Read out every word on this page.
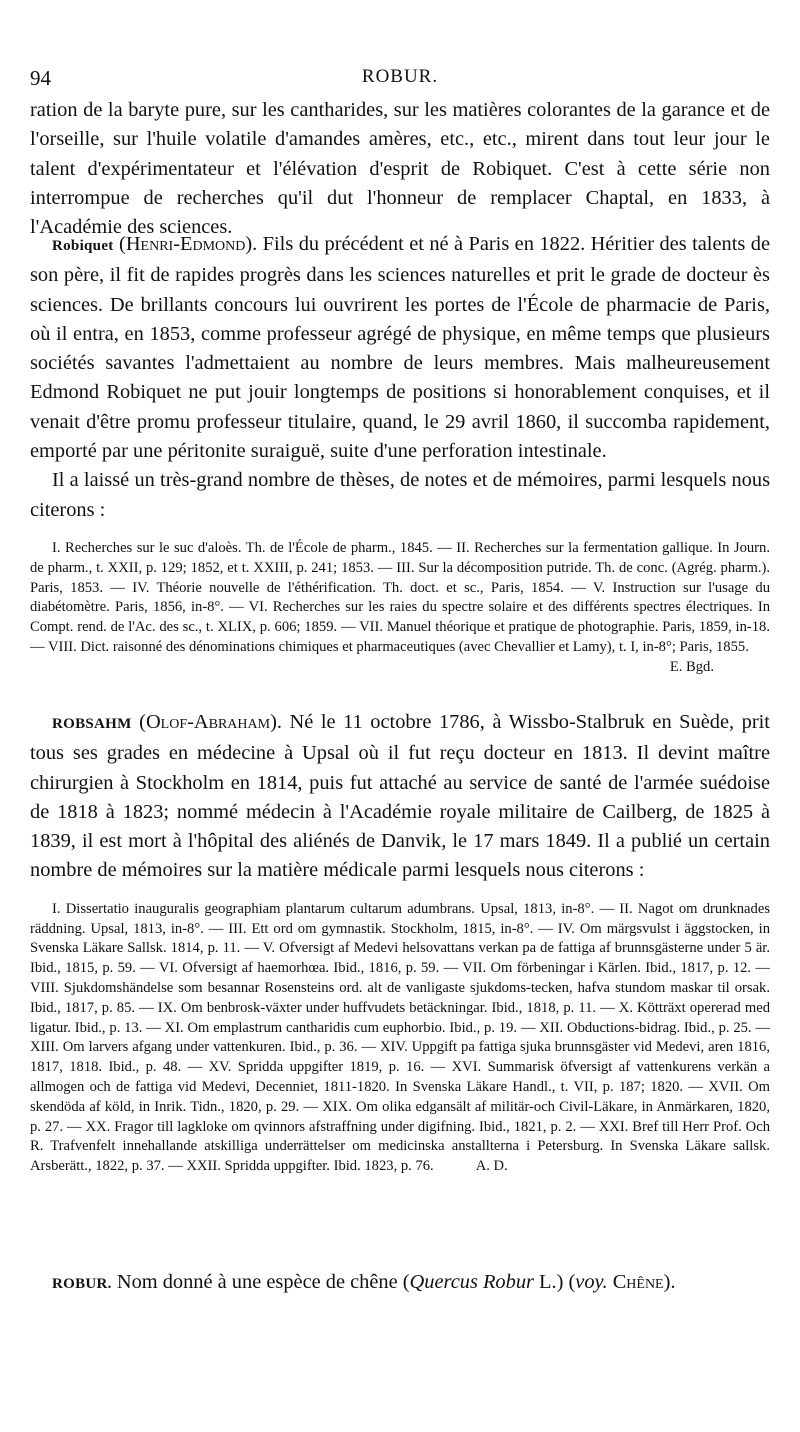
94	ROBUR.

ration de la baryte pure, sur les cantharides, sur les matières colorantes de la garance et de l'orseille, sur l'huile volatile d'amandes amères, etc., etc., mirent dans tout leur jour le talent d'expérimentateur et l'élévation d'esprit de Robiquet. C'est à cette série non interrompue de recherches qu'il dut l'honneur de remplacer Chaptal, en 1833, à l'Académie des sciences.

Robiquet (Henri-Edmond). Fils du précédent et né à Paris en 1822. Héritier des talents de son père, il fit de rapides progrès dans les sciences naturelles et prit le grade de docteur ès sciences. De brillants concours lui ouvrirent les portes de l'École de pharmacie de Paris, où il entra, en 1853, comme professeur agrégé de physique, en même temps que plusieurs sociétés savantes l'admettaient au nombre de leurs membres. Mais malheureusement Edmond Robiquet ne put jouir longtemps de positions si honorablement conquises, et il venait d'être promu professeur titulaire, quand, le 29 avril 1860, il succomba rapidement, emporté par une péritonite suraiguë, suite d'une perforation intestinale.

Il a laissé un très-grand nombre de thèses, de notes et de mémoires, parmi lesquels nous citerons :

I. Recherches sur le suc d'aloès. Th. de l'École de pharm., 1845. — II. Recherches sur la fermentation gallique. In Journ. de pharm., t. XXII, p. 129; 1852, et t. XXIII, p. 241; 1853. — III. Sur la décomposition putride. Th. de conc. (Agrég. pharm.). Paris, 1853. — IV. Théorie nouvelle de l'éthérification. Th. doct. et sc., Paris, 1854. — V. Instruction sur l'usage du diabétomètre. Paris, 1856, in-8°. — VI. Recherches sur les raies du spectre solaire et des différents spectres électriques. In Compt. rend. de l'Ac. des sc., t. XLIX, p. 606; 1859. — VII. Manuel théorique et pratique de photographie. Paris, 1859, in-18. — VIII. Dict. raisonné des dénominations chimiques et pharmaceutiques (avec Chevallier et Lamy), t. I, in-8°; Paris, 1855.
E. Bgd.

ROBSAHM (Olof-Abraham). Né le 11 octobre 1786, à Wissbo-Stalbruk en Suède, prit tous ses grades en médecine à Upsal où il fut reçu docteur en 1813. Il devint maître chirurgien à Stockholm en 1814, puis fut attaché au service de santé de l'armée suédoise de 1818 à 1823; nommé médecin à l'Académie royale militaire de Cailberg, de 1825 à 1839, il est mort à l'hôpital des aliénés de Danvik, le 17 mars 1849. Il a publié un certain nombre de mémoires sur la matière médicale parmi lesquels nous citerons :

I. Dissertatio inauguralis geographiam plantarum cultarum adumbrans. Upsal, 1813, in-8°. — II. Nagot om drunknades räddning. Upsal, 1813, in-8°. — III. Ett ord om gymnastik. Stockholm, 1815, in-8°. — IV. Om märgsvulst i äggstocken, in Svenska Läkare Sallsk. 1814, p. 11. — V. Ofversigt af Medevi helsovattans verkan pa de fattiga af brunnsgästerne under 5 är. Ibid., 1815, p. 59. — VI. Ofversigt af haemorhœa. Ibid., 1816, p. 59. — VII. Om förbeningar i Kärlen. Ibid., 1817, p. 12. — VIII. Sjukdomshändelse som besannar Rosensteins ord. alt de vanligaste sjukdoms-tecken, hafva stundom maskar til orsak. Ibid., 1817, p. 85. — IX. Om benbrosk-växter under huffvudets betäckningar. Ibid., 1818, p. 11. — X. Kötträxt opererad med ligatur. Ibid., p. 13. — XI. Om emplastrum cantharidis cum euphorbio. Ibid., p. 19. — XII. Obductions-bidrag. Ibid., p. 25. — XIII. Om larvers afgang under vattenkuren. Ibid., p. 36. — XIV. Uppgift pa fattiga sjuka brunnsgäster vid Medevi, aren 1816, 1817, 1818. Ibid., p. 48. — XV. Spridda uppgifter 1819, p. 16. — XVI. Summarisk öfversigt af vattenkurens verkän a allmogen och de fattiga vid Medevi, Decenniet, 1811-1820. In Svenska Läkare Handl., t. VII, p. 187; 1820. — XVII. Om skendöda af köld, in Inrik. Tidn., 1820, p. 29. — XIX. Om olika edgansält af militär-och Civil-Läkare, in Anmärkaren, 1820, p. 27. — XX. Fragor till lagkloke om qvinnors afstraffning under digifning. Ibid., 1821, p. 2. — XXI. Bref till Herr Prof. Och R. Trafvenfelt innehallande atskilliga underrättelser om medicinska anstallterna i Petersburg. In Svenska Läkare sallsk. Arsberätt., 1822, p. 37. — XXII. Spridda uppgifter. Ibid. 1823, p. 76.	A. D.

ROBUR. Nom donné à une espèce de chêne (Quercus Robur L.) (voy. Chêne).
